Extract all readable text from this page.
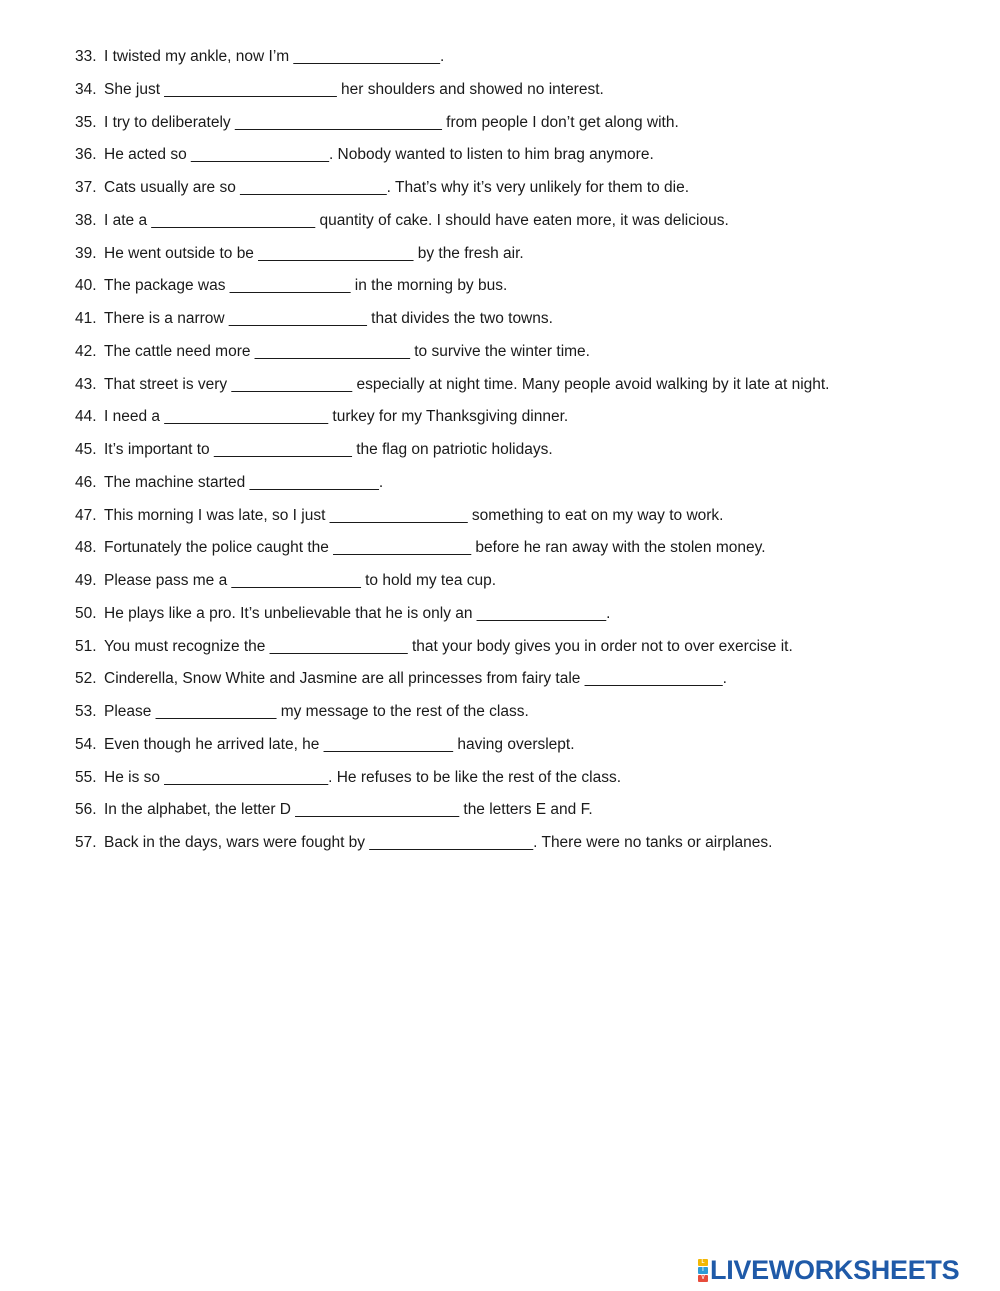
33. I twisted my ankle, now I’m _________________.
34. She just ____________________ her shoulders and showed no interest.
35. I try to deliberately ________________________ from people I don’t get along with.
36. He acted so ________________. Nobody wanted to listen to him brag anymore.
37. Cats usually are so _________________. That’s why it’s very unlikely for them to die.
38. I ate a ___________________ quantity of cake. I should have eaten more, it was delicious.
39. He went outside to be __________________ by the fresh air.
40. The package was ______________ in the morning by bus.
41. There is a narrow ________________ that divides the two towns.
42. The cattle need more __________________ to survive the winter time.
43. That street is very ______________ especially at night time. Many people avoid walking by it late at night.
44. I need a ___________________ turkey for my Thanksgiving dinner.
45. It’s important to ________________ the flag on patriotic holidays.
46. The machine started _______________.
47. This morning I was late, so I just ________________ something to eat on my way to work.
48. Fortunately the police caught the ________________ before he ran away with the stolen money.
49. Please pass me a _______________ to hold my tea cup.
50. He plays like a pro. It’s unbelievable that he is only an _______________.
51. You must recognize the ________________ that your body gives you in order not to over exercise it.
52. Cinderella, Snow White and Jasmine are all princesses from fairy tale ________________.
53. Please ______________ my message to the rest of the class.
54. Even though he arrived late, he _______________ having overslept.
55. He is so ___________________. He refuses to be like the rest of the class.
56. In the alphabet, the letter D ___________________ the letters E and F.
57. Back in the days, wars were fought by ___________________. There were no tanks or airplanes.
L
I
V LIVEWORKSHEETS
